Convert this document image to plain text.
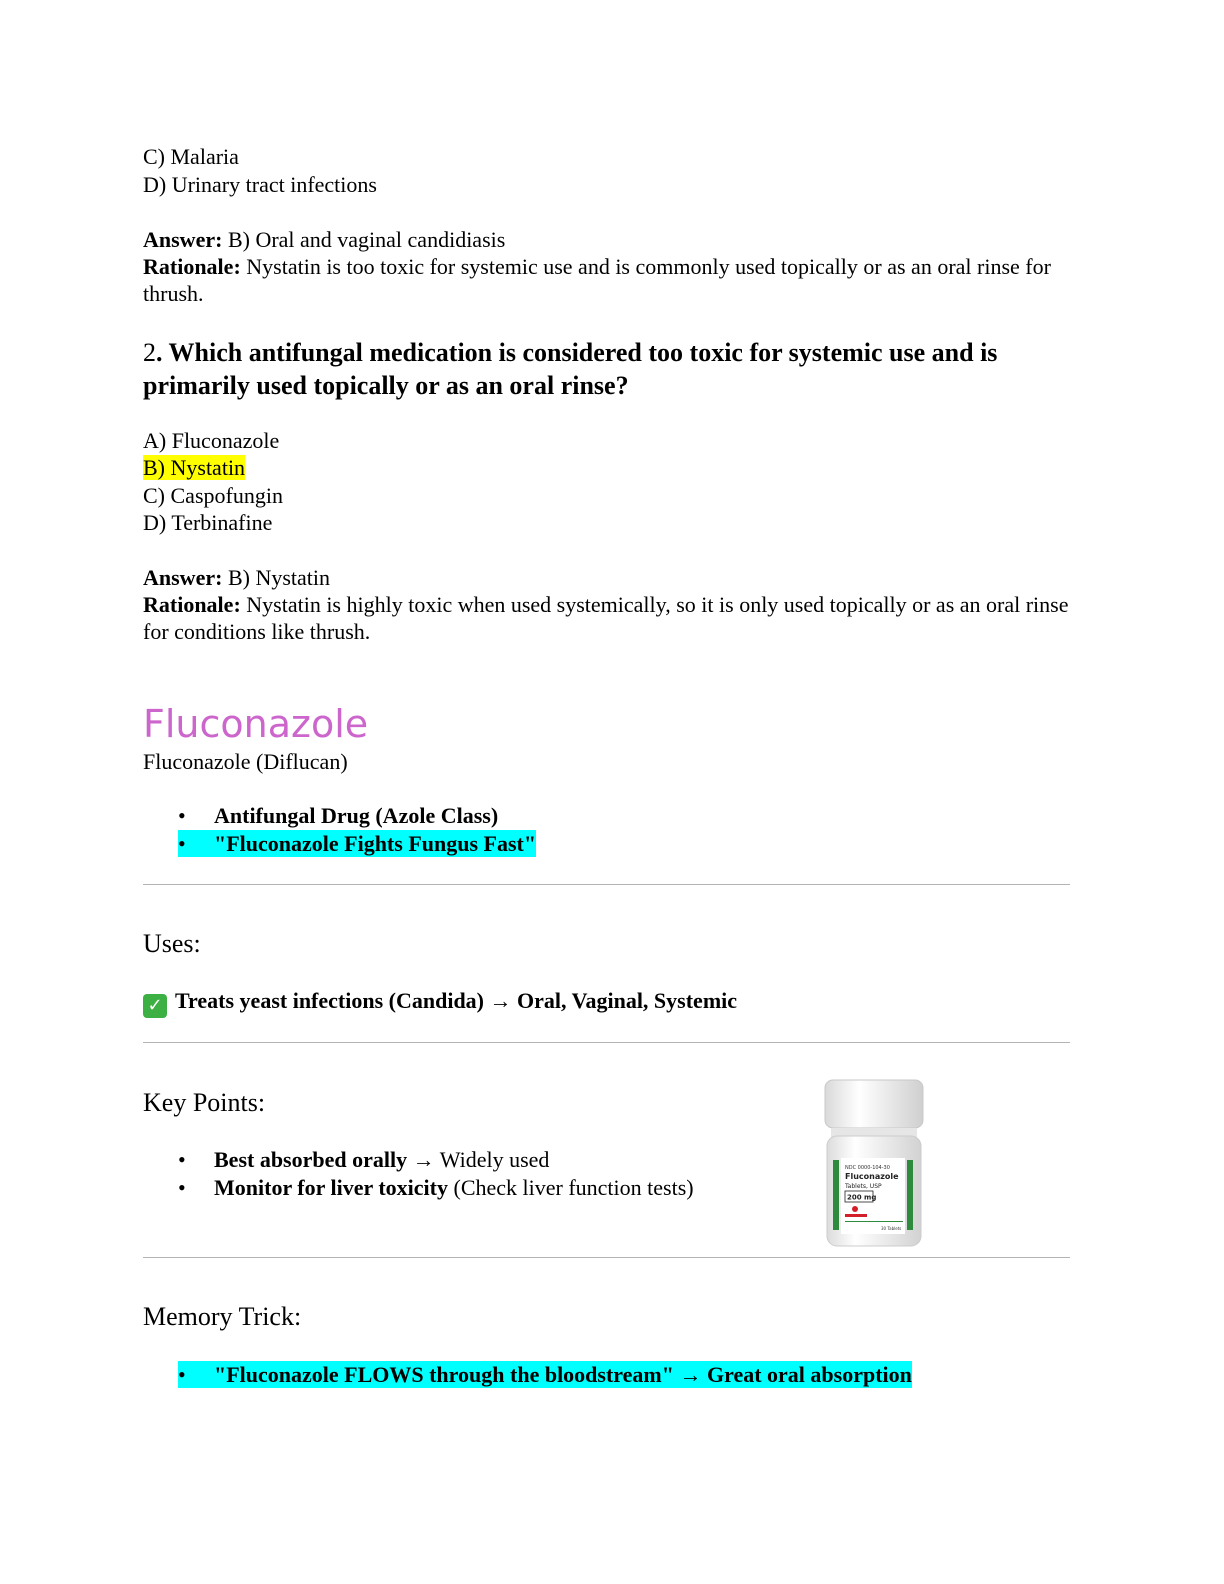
C) Malaria
D) Urinary tract infections
Answer: B) Oral and vaginal candidiasis
Rationale: Nystatin is too toxic for systemic use and is commonly used topically or as an oral rinse for thrush.
2. Which antifungal medication is considered too toxic for systemic use and is primarily used topically or as an oral rinse?
A) Fluconazole
B) Nystatin
C) Caspofungin
D) Terbinafine
Answer: B) Nystatin
Rationale: Nystatin is highly toxic when used systemically, so it is only used topically or as an oral rinse for conditions like thrush.
Fluconazole
Fluconazole (Diflucan)
• Antifungal Drug (Azole Class)
• "Fluconazole Fights Fungus Fast"
Uses:
✓ Treats yeast infections (Candida) → Oral, Vaginal, Systemic
Key Points:
• Best absorbed orally → Widely used
• Monitor for liver toxicity (Check liver function tests)
NDC 0000-104-30
Fluconazole
Tablets, USP
200 mg
30 Tablets
Memory Trick:
• "Fluconazole FLOWS through the bloodstream" → Great oral absorption
